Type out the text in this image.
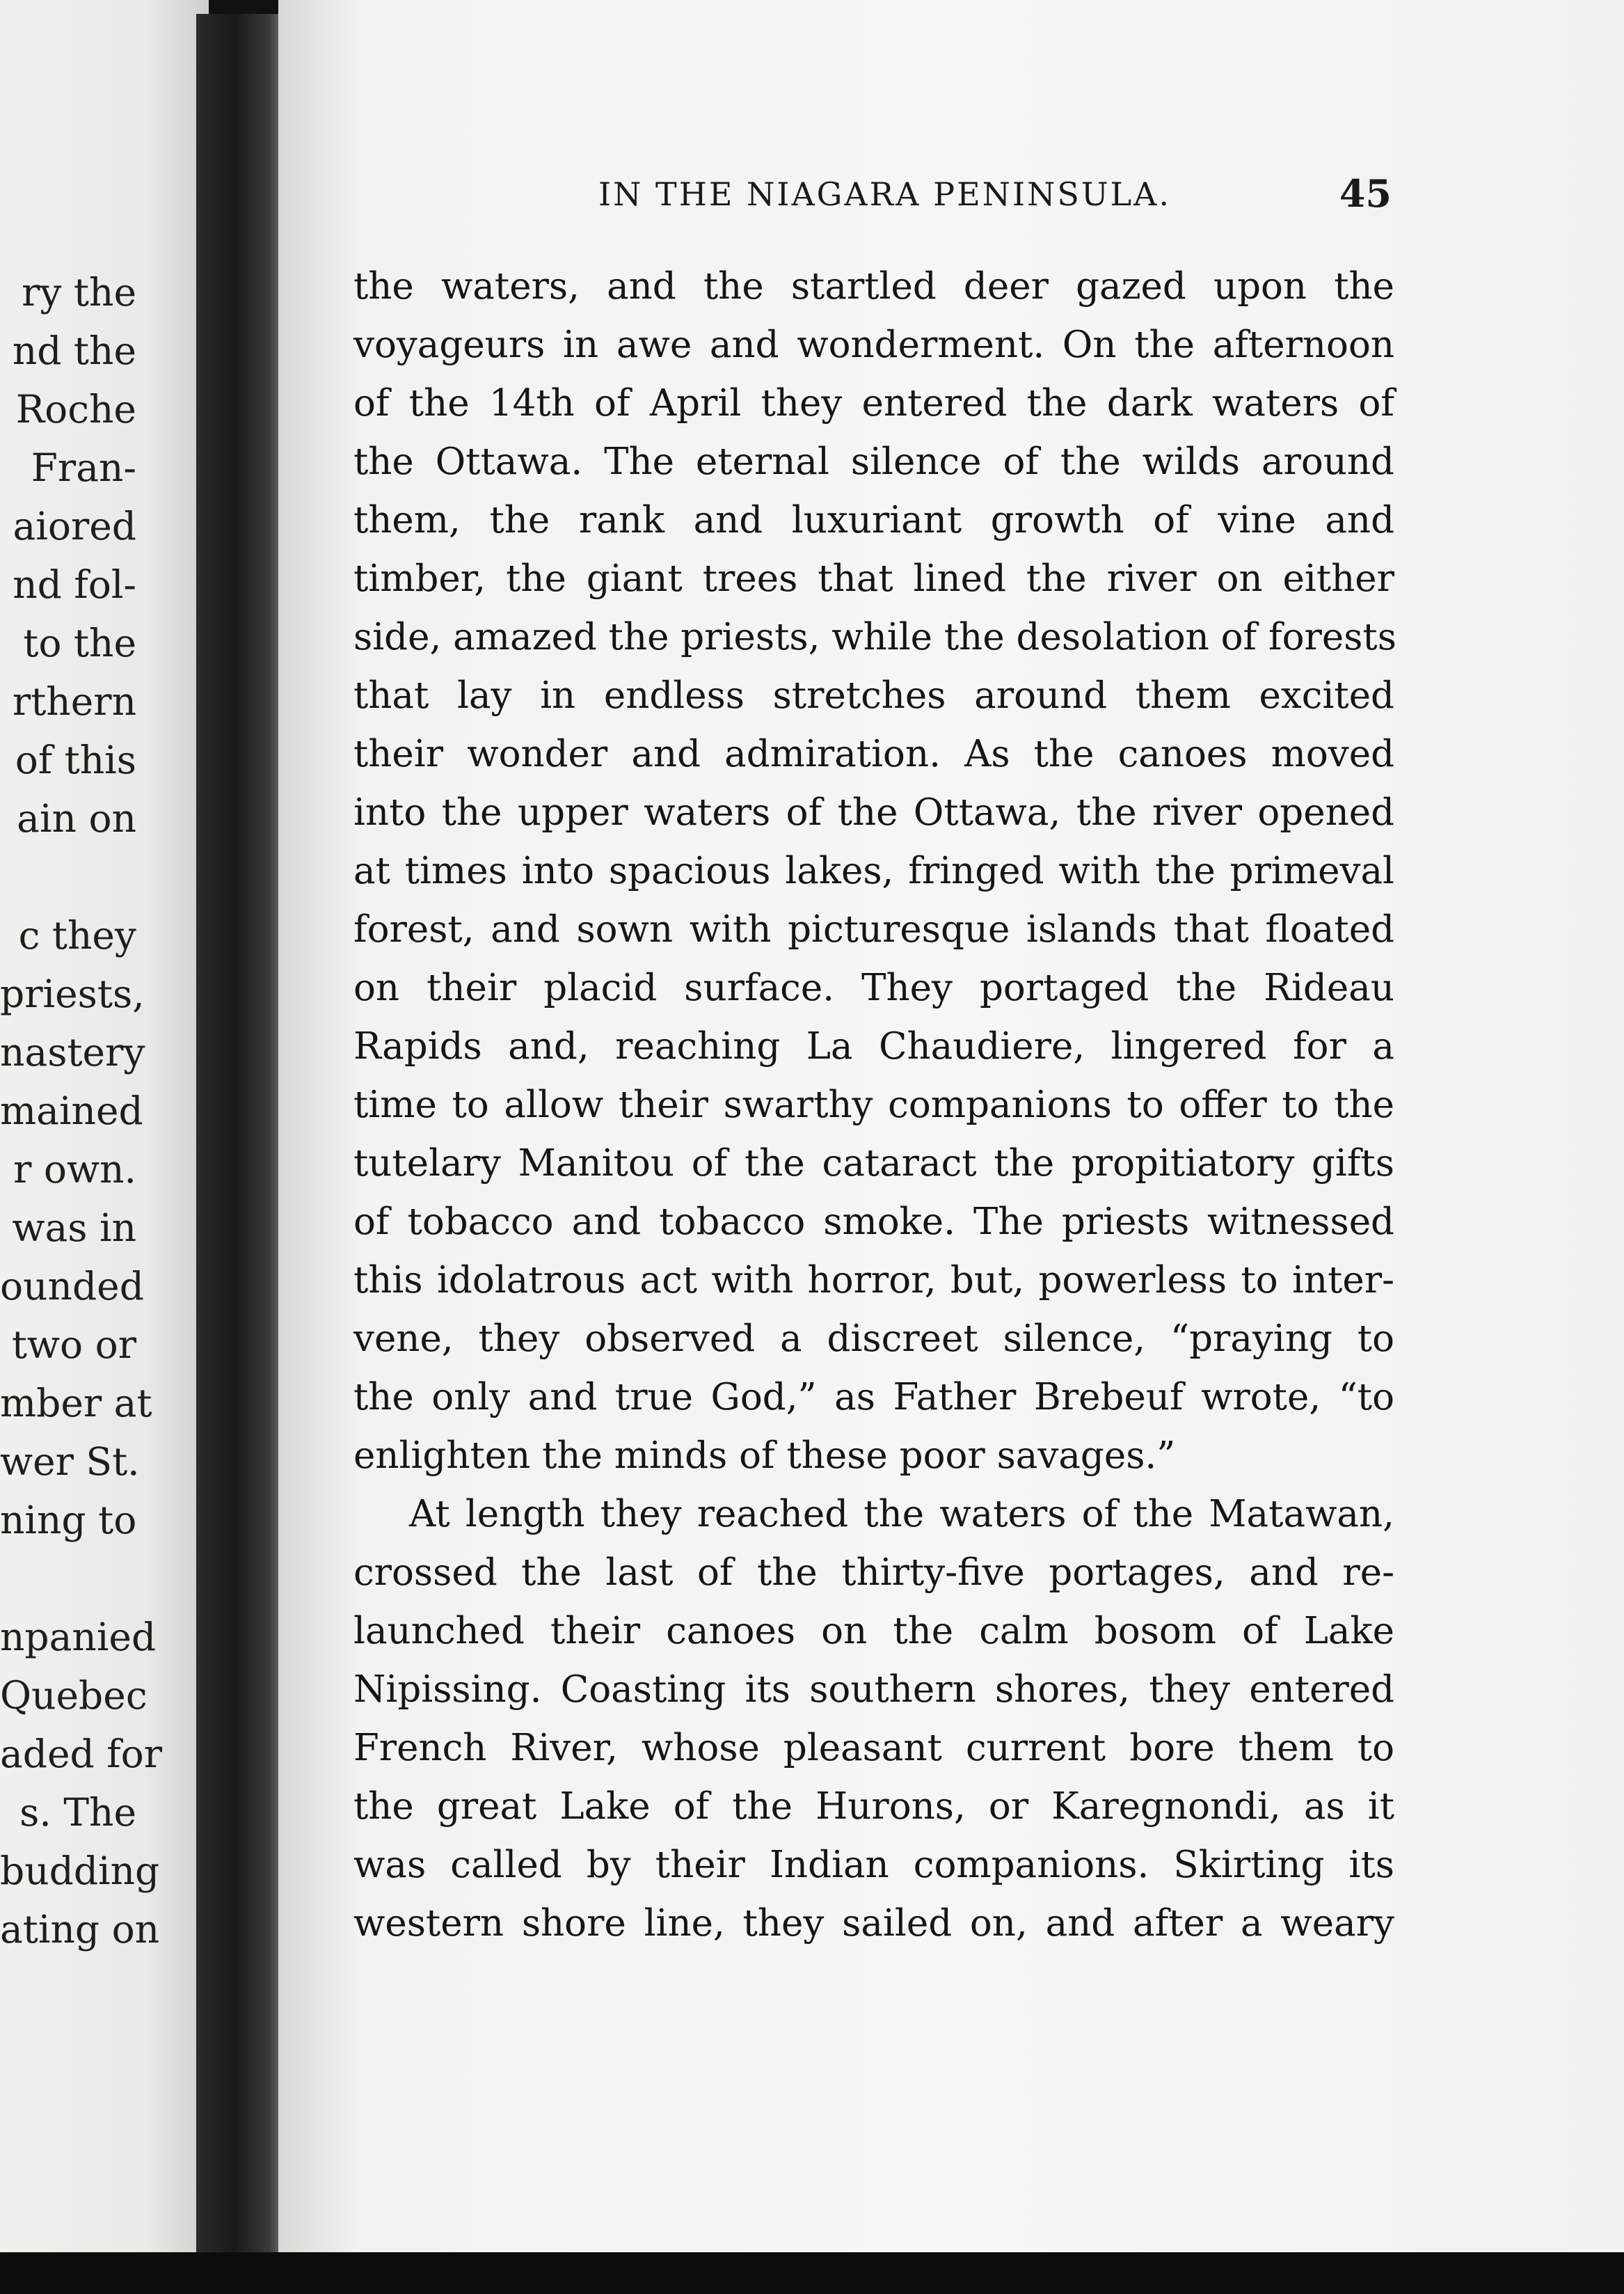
ry the
nd the
Roche
Fran-
aiored
nd fol-
to the
rthern
of this
ain on

c they
priests,
nastery
mained
r own.
was in
ounded
two or
mber at
wer St.
ning to

npanied
Quebec
aded for
s. The
budding
ating on
IN THE NIAGARA PENINSULA.	45

the waters, and the startled deer gazed upon the
voyageurs in awe and wonderment. On the afternoon
of the 14th of April they entered the dark waters of
the Ottawa. The eternal silence of the wilds around
them, the rank and luxuriant growth of vine and
timber, the giant trees that lined the river on either
side, amazed the priests, while the desolation of forests
that lay in endless stretches around them excited
their wonder and admiration. As the canoes moved
into the upper waters of the Ottawa, the river opened
at times into spacious lakes, fringed with the primeval
forest, and sown with picturesque islands that floated
on their placid surface. They portaged the Rideau
Rapids and, reaching La Chaudiere, lingered for a
time to allow their swarthy companions to offer to the
tutelary Manitou of the cataract the propitiatory gifts
of tobacco and tobacco smoke. The priests witnessed
this idolatrous act with horror, but, powerless to inter-
vene, they observed a discreet silence, “praying to
the only and true God,” as Father Brebeuf wrote, “to
enlighten the minds of these poor savages.”

At length they reached the waters of the Matawan,
crossed the last of the thirty-five portages, and re-
launched their canoes on the calm bosom of Lake
Nipissing. Coasting its southern shores, they entered
French River, whose pleasant current bore them to
the great Lake of the Hurons, or Karegnondi, as it
was called by their Indian companions. Skirting its
western shore line, they sailed on, and after a weary
